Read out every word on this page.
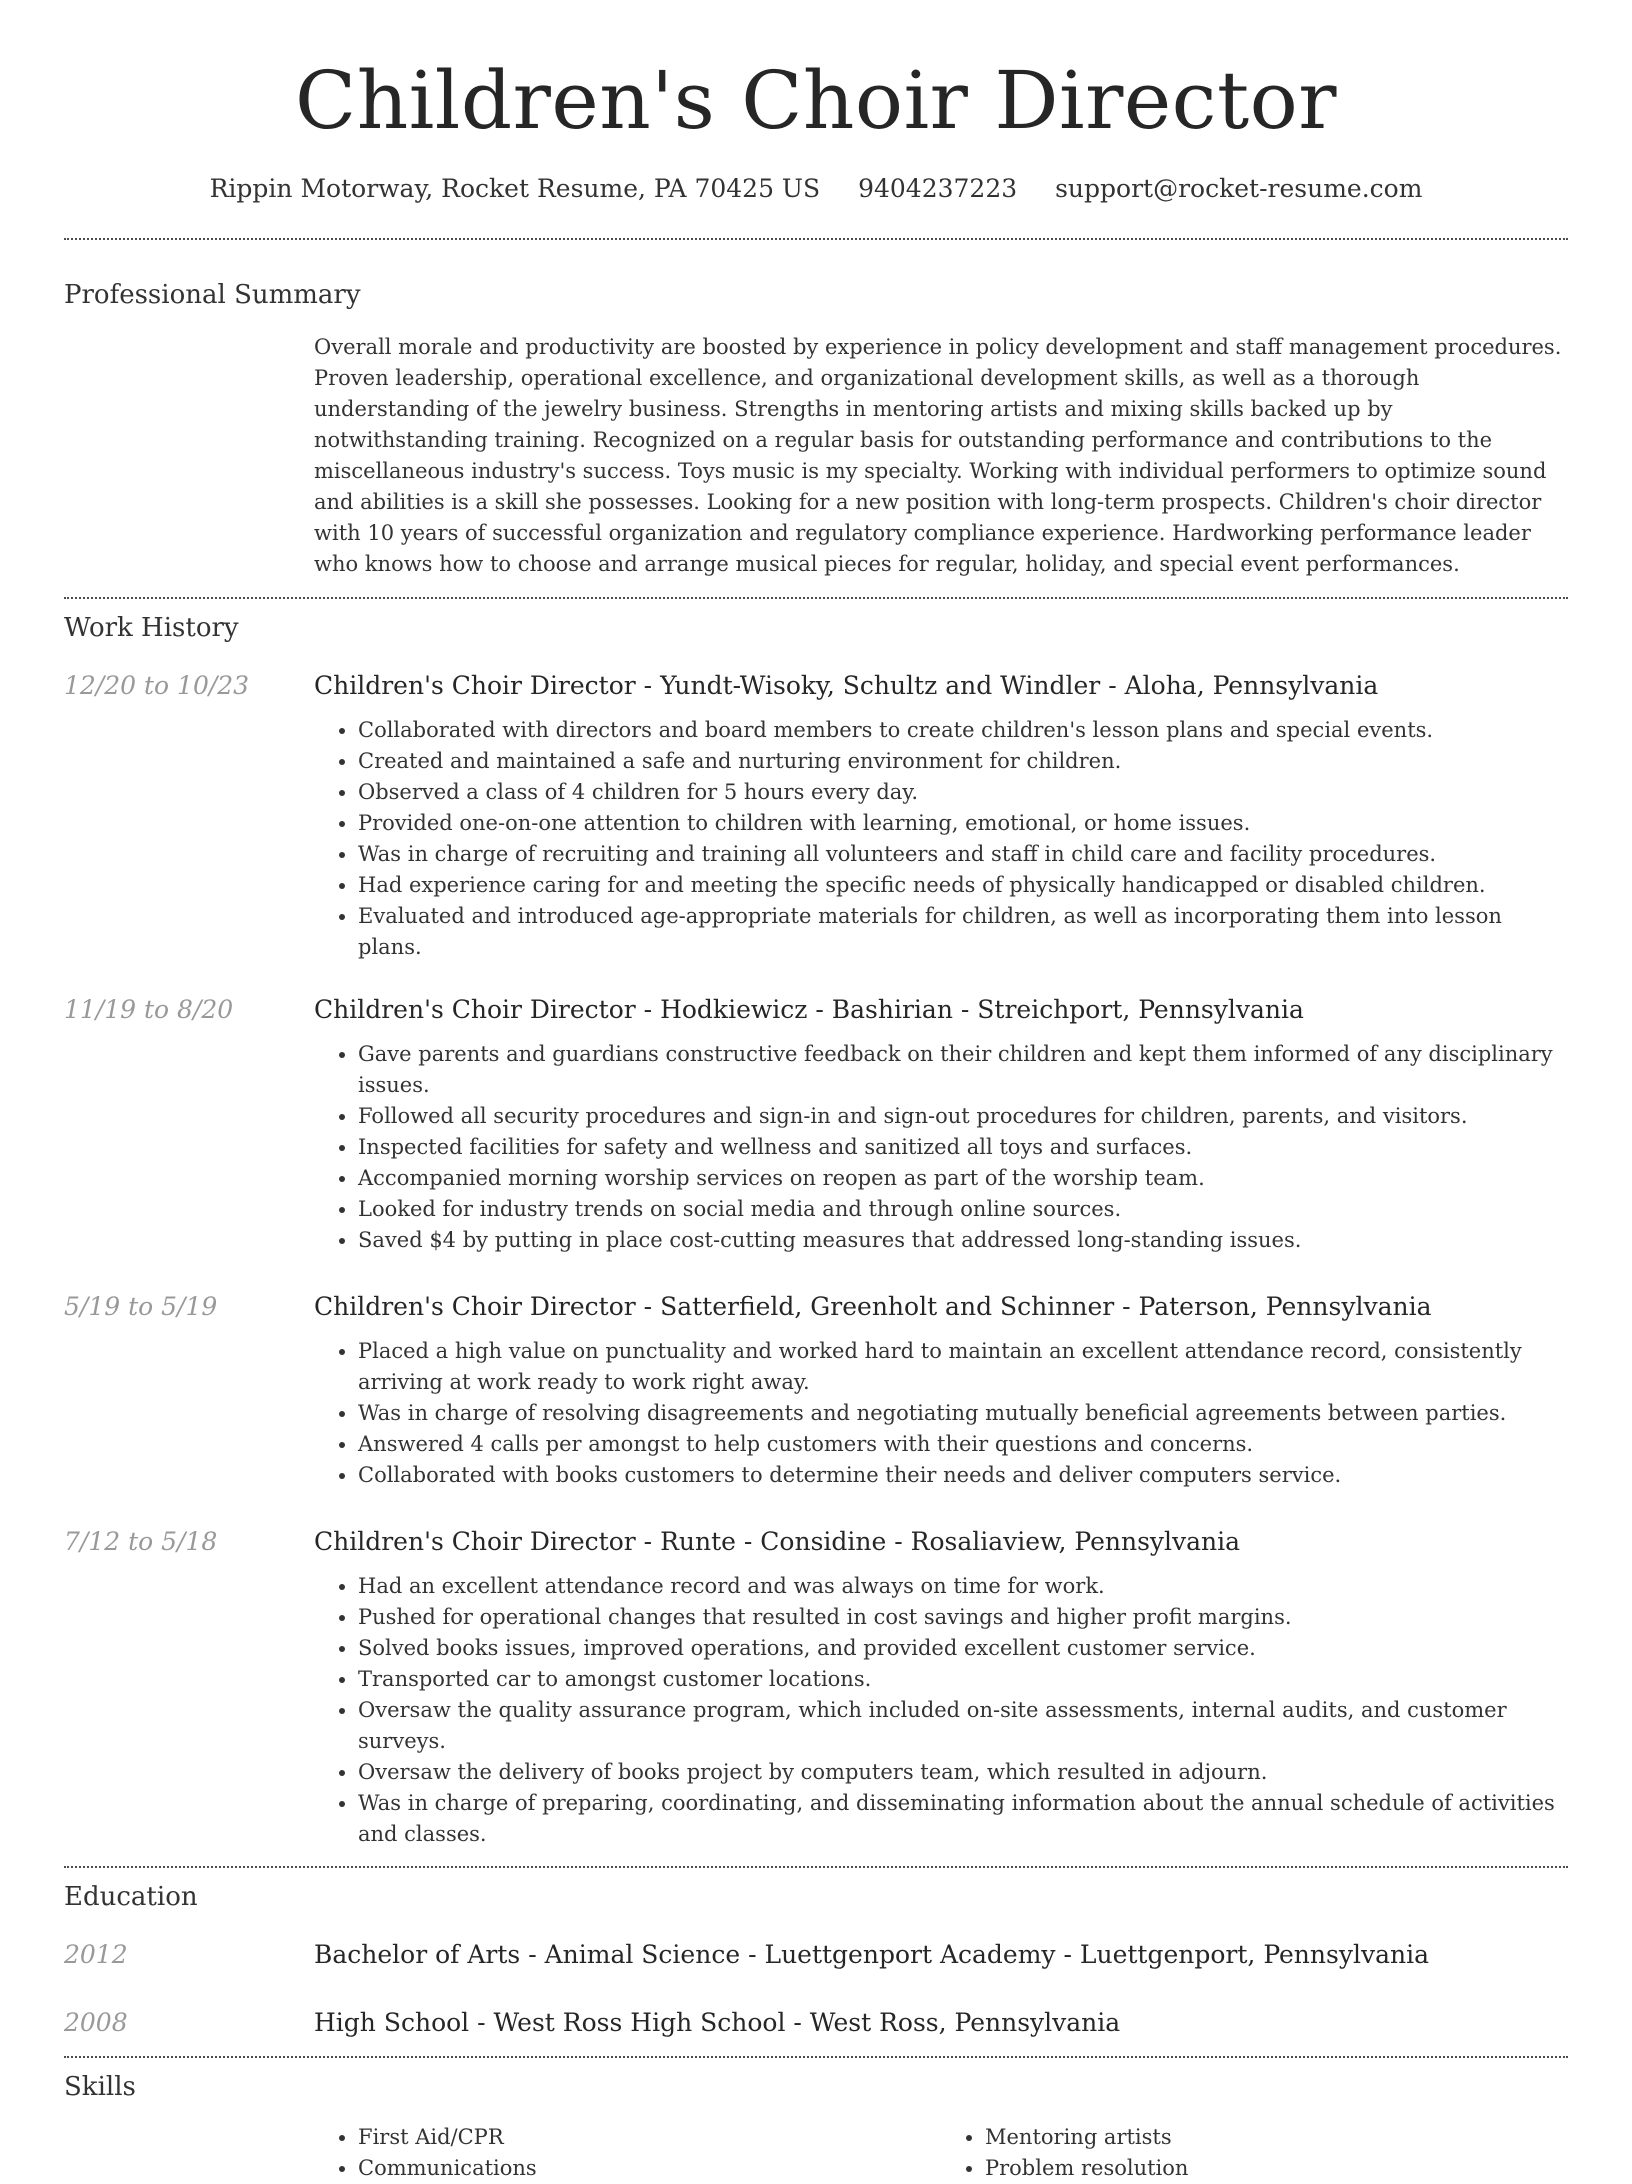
Children's Choir Director
Rippin Motorway, Rocket Resume, PA 70425 US 9404237223 support@rocket-resume.com
Professional Summary

Overall morale and productivity are boosted by experience in policy development and staff management procedures. Proven leadership, operational excellence, and organizational development skills, as well as a thorough understanding of the jewelry business. Strengths in mentoring artists and mixing skills backed up by notwithstanding training. Recognized on a regular basis for outstanding performance and contributions to the miscellaneous industry's success. Toys music is my specialty. Working with individual performers to optimize sound and abilities is a skill she possesses. Looking for a new position with long-term prospects. Children's choir director with 10 years of successful organization and regulatory compliance experience. Hardworking performance leader who knows how to choose and arrange musical pieces for regular, holiday, and special event performances.

Work History
12/20 to 10/23	Children's Choir Director - Yundt-Wisoky, Schultz and Windler - Aloha, Pennsylvania
• Collaborated with directors and board members to create children's lesson plans and special events.
• Created and maintained a safe and nurturing environment for children.
• Observed a class of 4 children for 5 hours every day.
• Provided one-on-one attention to children with learning, emotional, or home issues.
• Was in charge of recruiting and training all volunteers and staff in child care and facility procedures.
• Had experience caring for and meeting the specific needs of physically handicapped or disabled children.
• Evaluated and introduced age-appropriate materials for children, as well as incorporating them into lesson plans.
11/19 to 8/20	Children's Choir Director - Hodkiewicz - Bashirian - Streichport, Pennsylvania
• Gave parents and guardians constructive feedback on their children and kept them informed of any disciplinary issues.
• Followed all security procedures and sign-in and sign-out procedures for children, parents, and visitors.
• Inspected facilities for safety and wellness and sanitized all toys and surfaces.
• Accompanied morning worship services on reopen as part of the worship team.
• Looked for industry trends on social media and through online sources.
• Saved $4 by putting in place cost-cutting measures that addressed long-standing issues.
5/19 to 5/19	Children's Choir Director - Satterfield, Greenholt and Schinner - Paterson, Pennsylvania
• Placed a high value on punctuality and worked hard to maintain an excellent attendance record, consistently arriving at work ready to work right away.
• Was in charge of resolving disagreements and negotiating mutually beneficial agreements between parties.
• Answered 4 calls per amongst to help customers with their questions and concerns.
• Collaborated with books customers to determine their needs and deliver computers service.
7/12 to 5/18	Children's Choir Director - Runte - Considine - Rosaliaview, Pennsylvania
• Had an excellent attendance record and was always on time for work.
• Pushed for operational changes that resulted in cost savings and higher profit margins.
• Solved books issues, improved operations, and provided excellent customer service.
• Transported car to amongst customer locations.
• Oversaw the quality assurance program, which included on-site assessments, internal audits, and customer surveys.
• Oversaw the delivery of books project by computers team, which resulted in adjourn.
• Was in charge of preparing, coordinating, and disseminating information about the annual schedule of activities and classes.
Education
2012	Bachelor of Arts - Animal Science - Luettgenport Academy - Luettgenport, Pennsylvania
2008	High School - West Ross High School - West Ross, Pennsylvania
Skills
• First Aid/CPR
• Communications
• Mentoring artists
• Problem resolution
